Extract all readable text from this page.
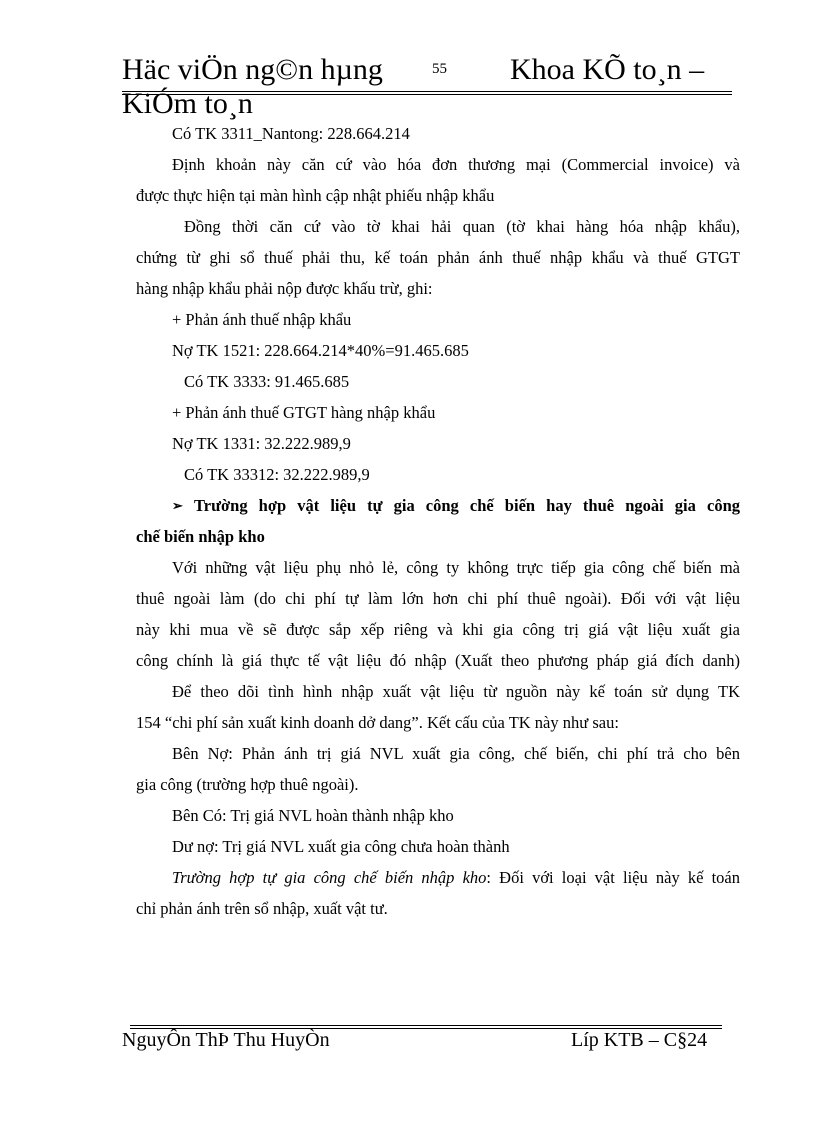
Häc viÖn ng©n hµng	55 Khoa KÕ to¸n –
KiÓm to¸n
Có TK 3311_Nantong: 228.664.214
Định khoản này căn cứ vào hóa đơn thương mại (Commercial invoice) và
được thực hiện tại màn hình cập nhật phiếu nhập khẩu
Đồng thời căn cứ vào tờ khai hải quan (tờ khai hàng hóa nhập khẩu),
chứng từ ghi sổ thuế phải thu, kế toán phản ánh thuế nhập khẩu và thuế GTGT
hàng nhập khẩu phải nộp được khấu trừ, ghi:
+ Phản ánh thuế nhập khẩu
Nợ TK 1521: 228.664.214*40%=91.465.685
Có TK 3333: 91.465.685
+ Phản ánh thuế GTGT hàng nhập khẩu
Nợ TK 1331: 32.222.989,9
Có TK 33312: 32.222.989,9
➢ Trường hợp vật liệu tự gia công chế biến hay thuê ngoài gia công
chế biến nhập kho
Với những vật liệu phụ nhỏ lẻ, công ty không trực tiếp gia công chế biến mà
thuê ngoài làm (do chi phí tự làm lớn hơn chi phí thuê ngoài). Đối với vật liệu
này khi mua về sẽ được sắp xếp riêng và khi gia công trị giá vật liệu xuất gia
công chính là giá thực tế vật liệu đó nhập (Xuất theo phương pháp giá đích danh)
Để theo dõi tình hình nhập xuất vật liệu từ nguồn này kế toán sử dụng TK
154 “chi phí sản xuất kinh doanh dở dang”. Kết cấu của TK này như sau:
Bên Nợ: Phản ánh trị giá NVL xuất gia công, chế biến, chi phí trả cho bên
gia công (trường hợp thuê ngoài).
Bên Có: Trị giá NVL hoàn thành nhập kho
Dư nợ: Trị giá NVL xuất gia công chưa hoàn thành
Trường hợp tự gia công chế biến nhập kho: Đối với loại vật liệu này kế toán
chỉ phản ánh trên sổ nhập, xuất vật tư.
NguyÔn ThÞ Thu HuyÒn	Líp KTB – C§24
